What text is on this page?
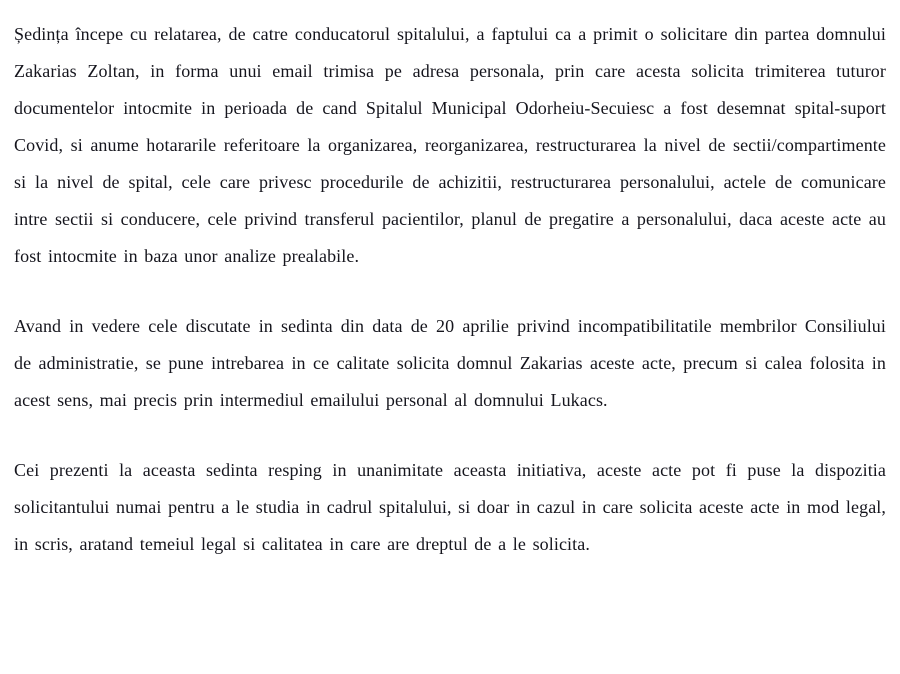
Ședința începe cu relatarea, de catre conducatorul spitalului, a faptului ca a primit o solicitare din partea domnului Zakarias Zoltan, in forma unui email trimisa pe adresa personala, prin care acesta solicita trimiterea tuturor documentelor intocmite in perioada de cand Spitalul Municipal Odorheiu-Secuiesc a fost desemnat spital-suport Covid, si anume hotararile referitoare la organizarea, reorganizarea, restructurarea la nivel de sectii/compartimente si la nivel de spital, cele care privesc procedurile de achizitii, restructurarea personalului, actele de comunicare intre sectii si conducere, cele privind transferul pacientilor, planul de pregatire a personalului, daca aceste acte au fost intocmite in baza unor analize prealabile.

Avand in vedere cele discutate in sedinta din data de 20 aprilie privind incompatibilitatile membrilor Consiliului de administratie, se pune intrebarea in ce calitate solicita domnul Zakarias aceste acte, precum si calea folosita in acest sens, mai precis prin intermediul emailului personal al domnului Lukacs.

Cei prezenti la aceasta sedinta resping in unanimitate aceasta initiativa, aceste acte pot fi puse la dispozitia solicitantului numai pentru a le studia in cadrul spitalului, si doar in cazul in care solicita aceste acte in mod legal, in scris, aratand temeiul legal si calitatea in care are dreptul de a le solicita.
